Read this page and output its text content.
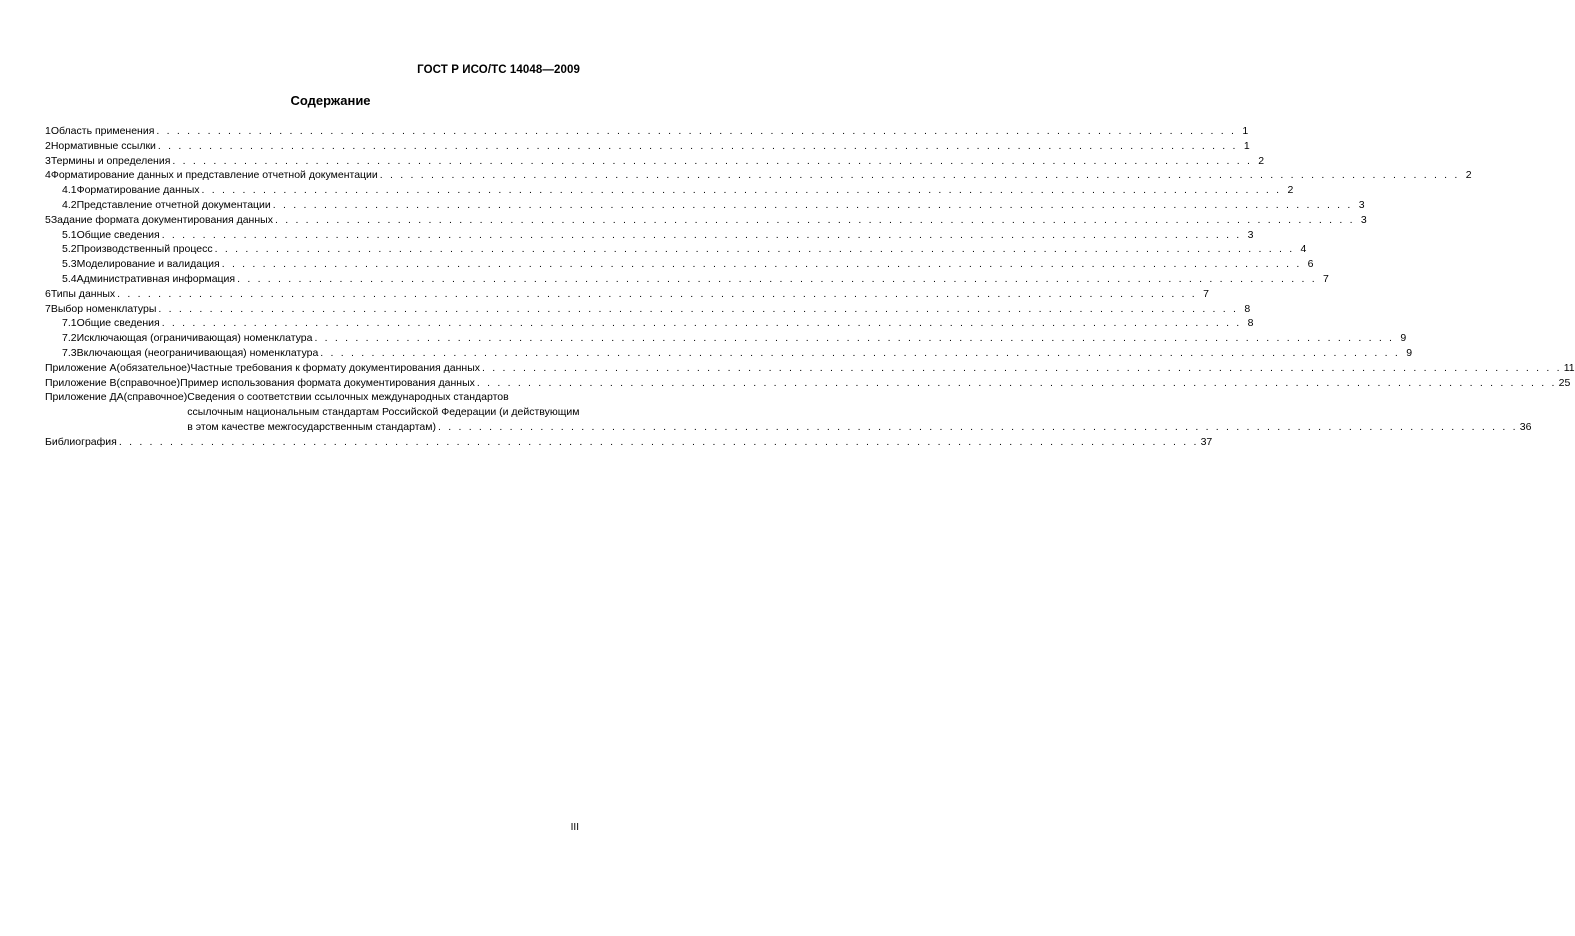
ГОСТ Р ИСО/ТС 14048—2009
Содержание
1 Область применения . . .	1
2 Нормативные ссылки . . .	1
3 Термины и определения . . .	2
4 Форматирование данных и представление отчетной документации . . .	2
4.1 Форматирование данных . . .	2
4.2 Представление отчетной документации . . .	3
5 Задание формата документирования данных . . .	3
5.1 Общие сведения . . .	3
5.2 Производственный процесс . . .	4
5.3 Моделирование и валидация . . .	6
5.4 Административная информация . . .	7
6 Типы данных . . .	7
7 Выбор номенклатуры . . .	8
7.1 Общие сведения . . .	8
7.2 Исключающая (ограничивающая) номенклатура . . .	9
7.3 Включающая (неограничивающая) номенклатура . . .	9
Приложение А (обязательное) Частные требования к формату документирования данных . . .	11
Приложение В (справочное) Пример использования формата документирования данных . . .	25
Приложение ДА (справочное) Сведения о соответствии ссылочных международных стандартов
ссылочным национальным стандартам Российской Федерации (и действующим
в этом качестве межгосударственным стандартам) . . .	36
Библиография . . .	37
III
